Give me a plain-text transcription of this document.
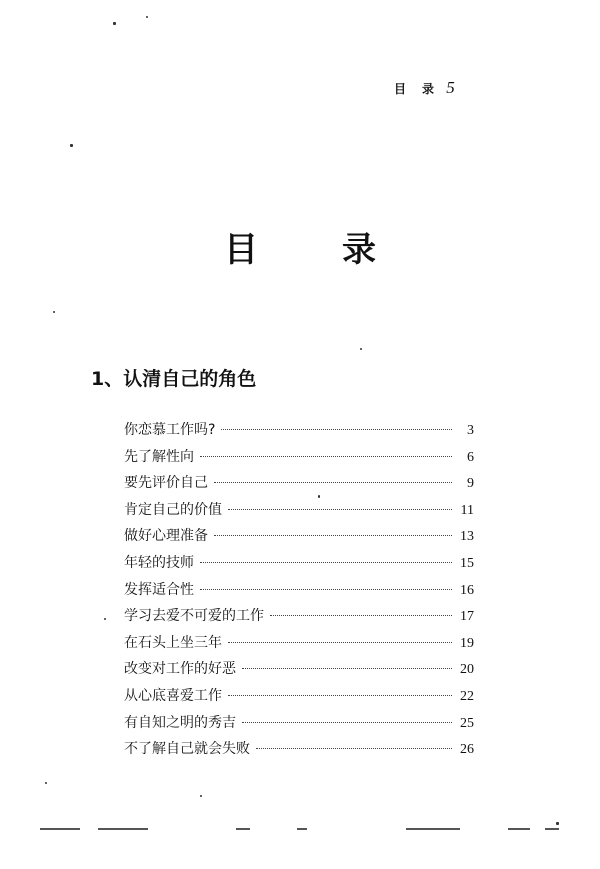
目 录 5
目 录
1、认清自己的角色
你恋慕工作吗?	3
先了解性向	6
要先评价自己	9
肯定自己的价值	11
做好心理准备	13
年轻的技师	15
发挥适合性	16
学习去爱不可爱的工作	17
在石头上坐三年	19
改变对工作的好恶	20
从心底喜爱工作	22
有自知之明的秀吉	25
不了解自己就会失败	26
